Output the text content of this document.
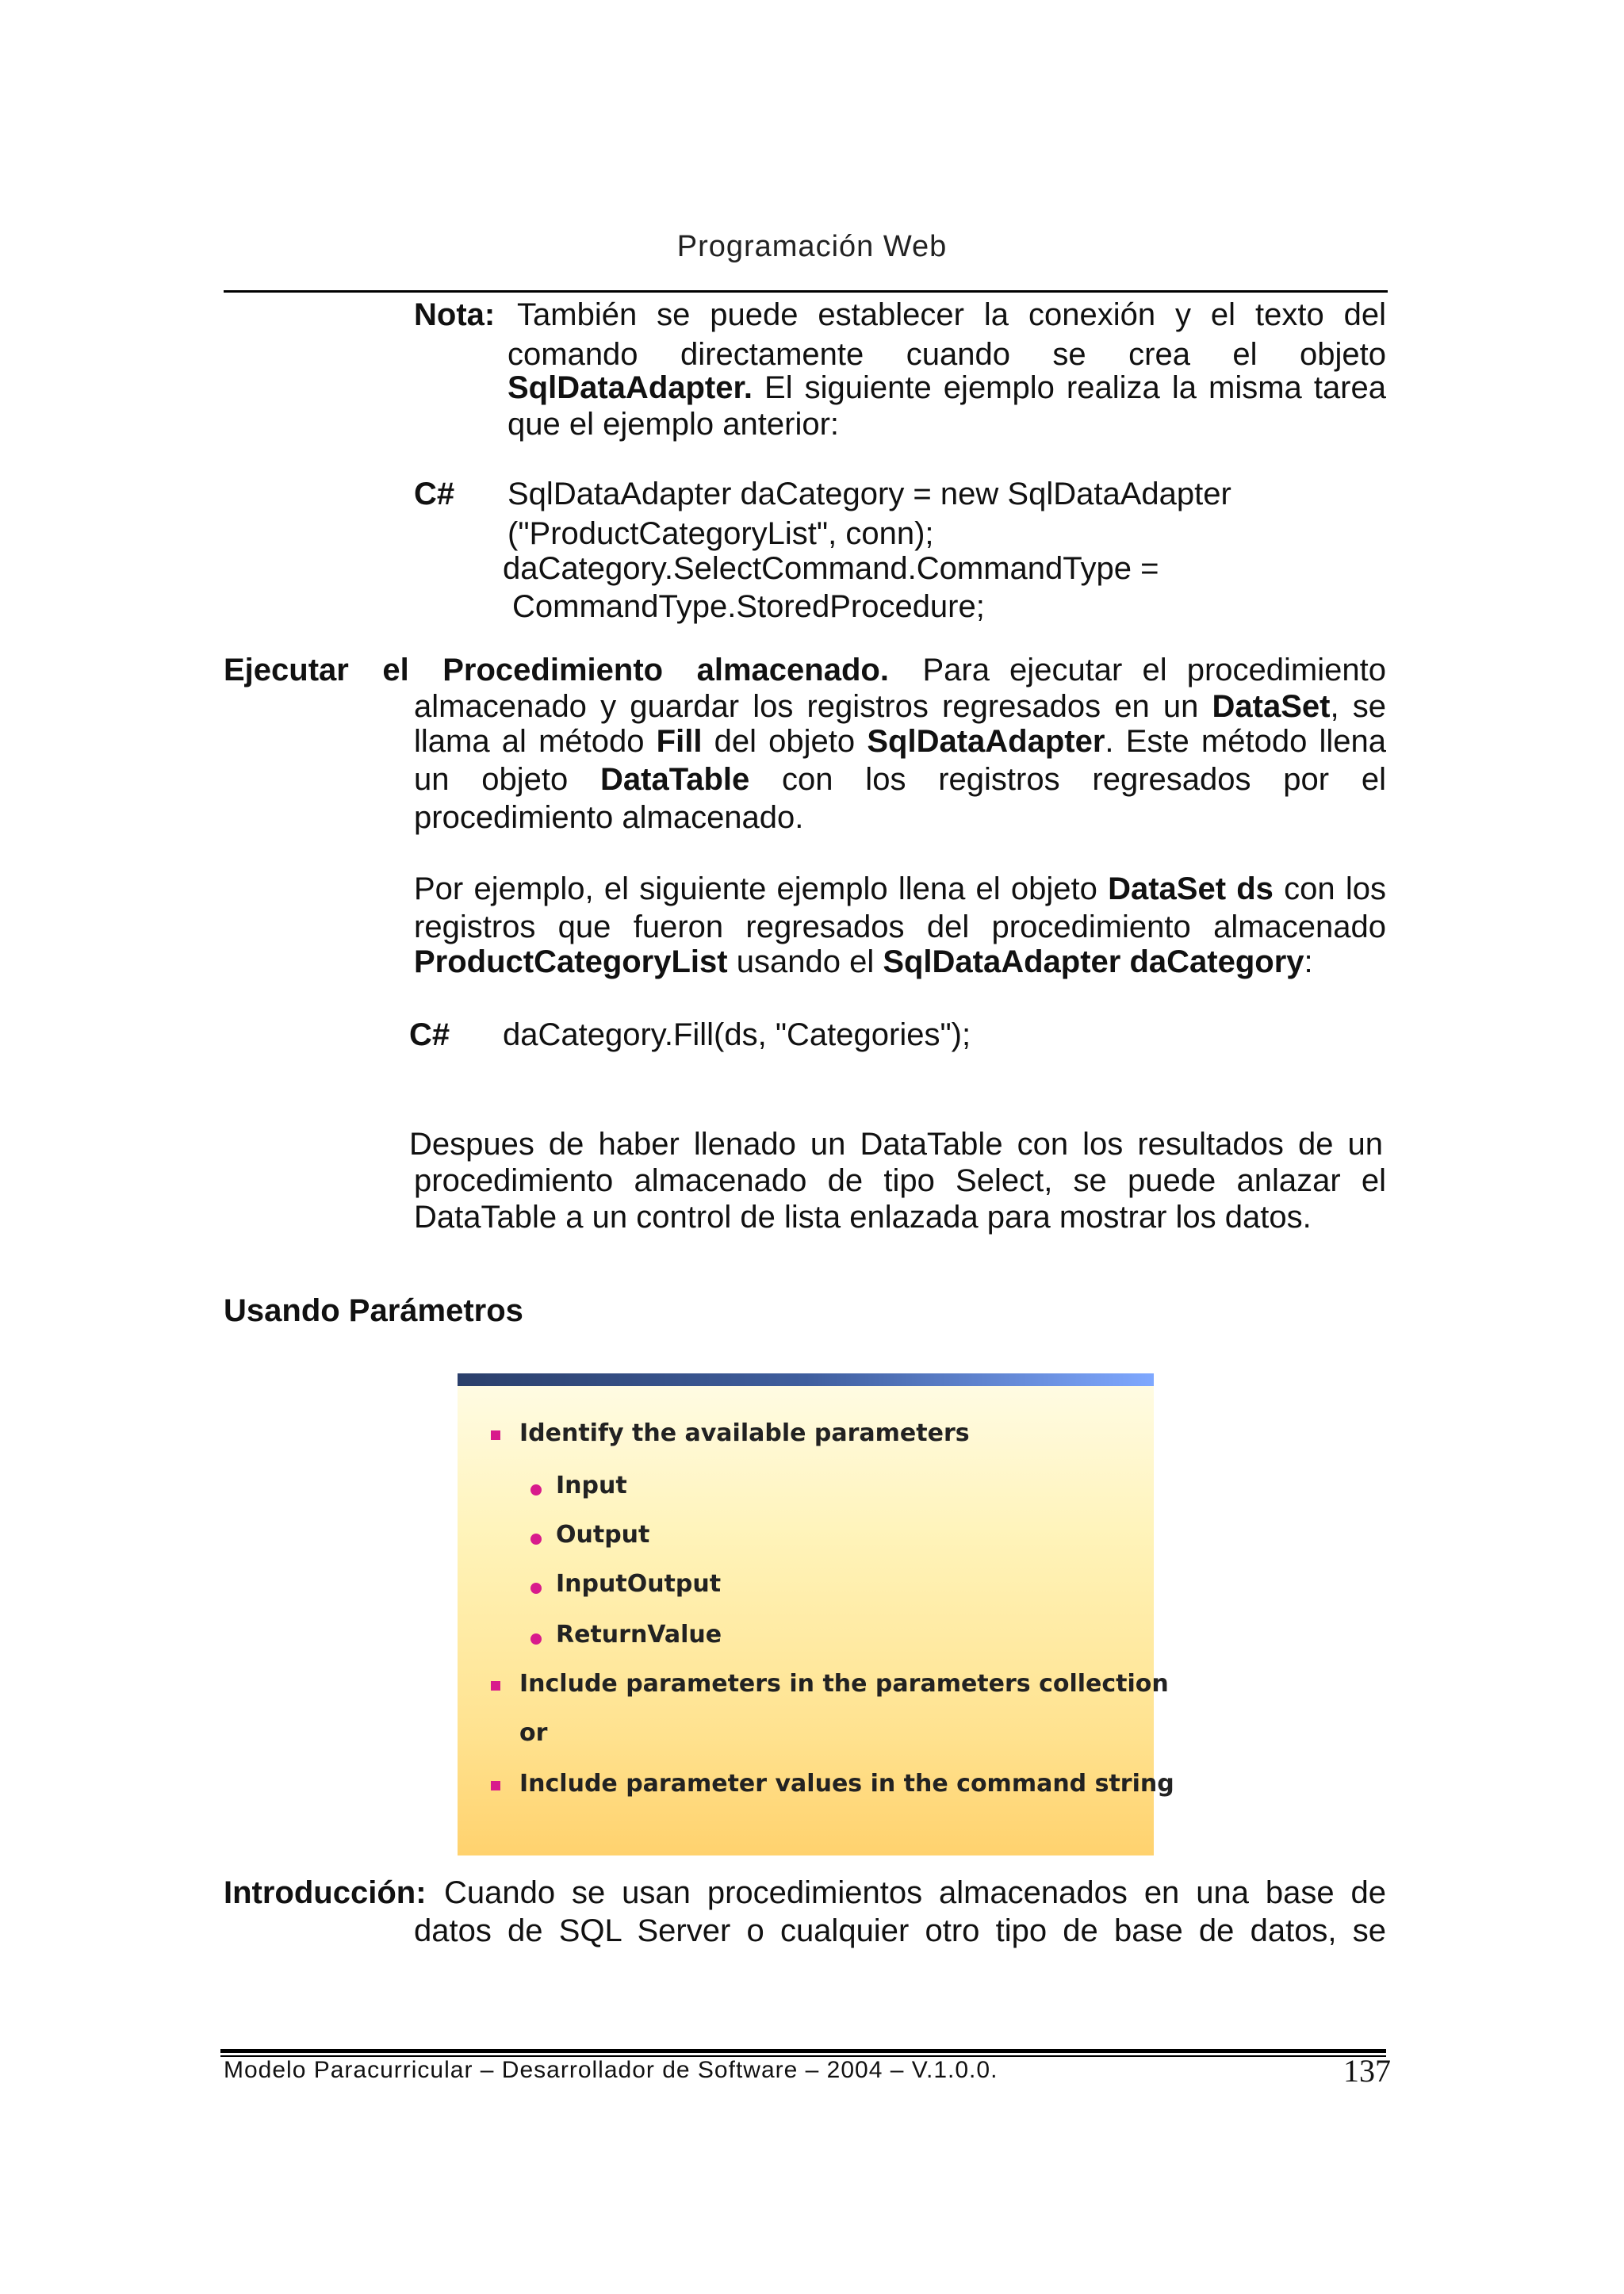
Programación Web
Nota: También se puede establecer la conexión y el texto del
comando directamente cuando se crea el objeto
SqlDataAdapter. El siguiente ejemplo realiza la misma tarea
que el ejemplo anterior:
C# SqlDataAdapter daCategory = new SqlDataAdapter
("ProductCategoryList", conn);
daCategory.SelectCommand.CommandType =
CommandType.StoredProcedure;
Ejecutar el Procedimiento almacenado. Para ejecutar el procedimiento
almacenado y guardar los registros regresados en un DataSet, se
llama al método Fill del objeto SqlDataAdapter. Este método llena
un objeto DataTable con los registros regresados por el
procedimiento almacenado.
Por ejemplo, el siguiente ejemplo llena el objeto DataSet ds con los
registros que fueron regresados del procedimiento almacenado
ProductCategoryList usando el SqlDataAdapter daCategory:
C# daCategory.Fill(ds, "Categories");
Despues de haber llenado un DataTable con los resultados de un
procedimiento almacenado de tipo Select, se puede anlazar el
DataTable a un control de lista enlazada para mostrar los datos.
Usando Parámetros
Identify the available parameters
Input
Output
InputOutput
ReturnValue
Include parameters in the parameters collection
or
Include parameter values in the command string
Introducción: Cuando se usan procedimientos almacenados en una base de
datos de SQL Server o cualquier otro tipo de base de datos, se
Modelo Paracurricular – Desarrollador de Software – 2004 – V.1.0.0.	137
